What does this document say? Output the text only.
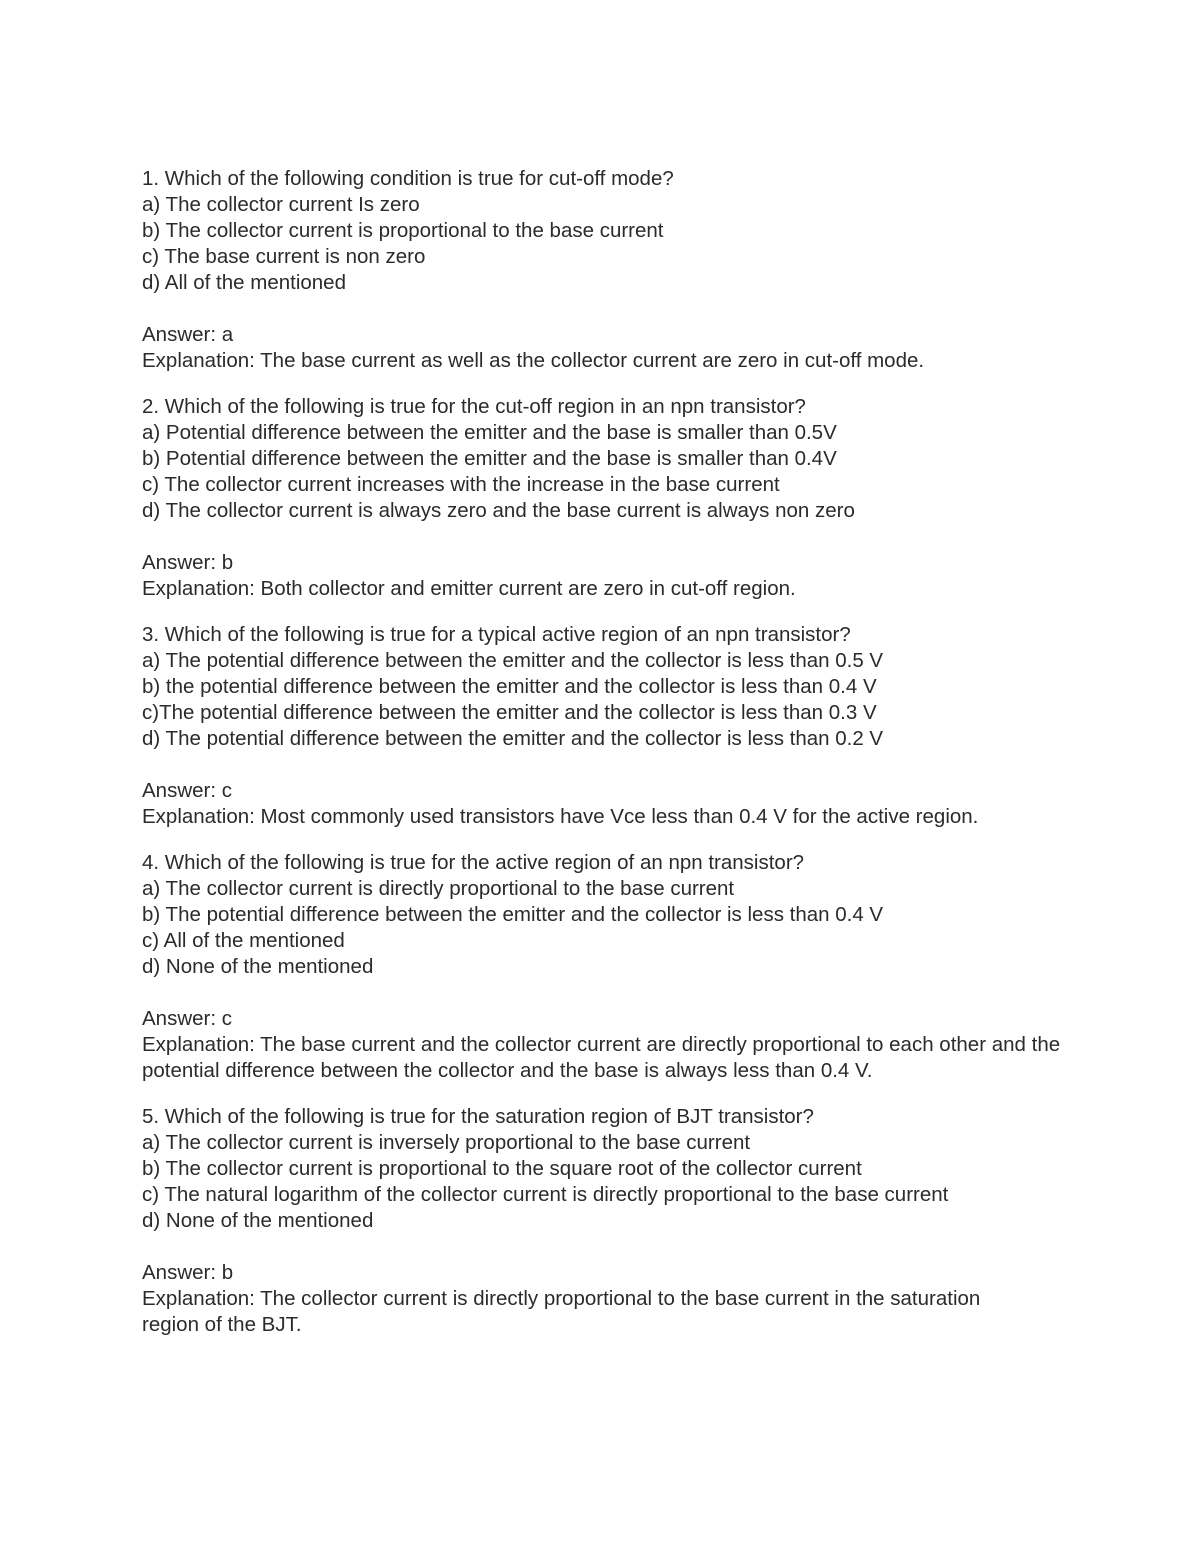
1. Which of the following condition is true for cut-off mode?
a) The collector current Is zero
b) The collector current is proportional to the base current
c) The base current is non zero
d) All of the mentioned
Answer: a
Explanation: The base current as well as the collector current are zero in cut-off mode.
2. Which of the following is true for the cut-off region in an npn transistor?
a) Potential difference between the emitter and the base is smaller than 0.5V
b) Potential difference between the emitter and the base is smaller than 0.4V
c) The collector current increases with the increase in the base current
d) The collector current is always zero and the base current is always non zero
Answer: b
Explanation: Both collector and emitter current are zero in cut-off region.
3. Which of the following is true for a typical active region of an npn transistor?
a) The potential difference between the emitter and the collector is less than 0.5 V
b) the potential difference between the emitter and the collector is less than 0.4 V
c)The potential difference between the emitter and the collector is less than 0.3 V
d) The potential difference between the emitter and the collector is less than 0.2 V
Answer: c
Explanation: Most commonly used transistors have Vce less than 0.4 V for the active region.
4. Which of the following is true for the active region of an npn transistor?
a) The collector current is directly proportional to the base current
b) The potential difference between the emitter and the collector is less than 0.4 V
c) All of the mentioned
d) None of the mentioned
Answer: c
Explanation: The base current and the collector current are directly proportional to each other and the potential difference between the collector and the base is always less than 0.4 V.
5. Which of the following is true for the saturation region of BJT transistor?
a) The collector current is inversely proportional to the base current
b) The collector current is proportional to the square root of the collector current
c) The natural logarithm of the collector current is directly proportional to the base current
d) None of the mentioned
Answer: b
Explanation: The collector current is directly proportional to the base current in the saturation region of the BJT.
